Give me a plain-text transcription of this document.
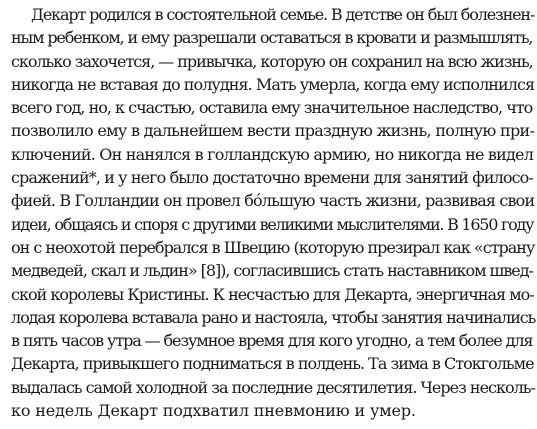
Декарт родился в состоятельной семье. В детстве он был болезнен-
ным ребенком, и ему разрешали оставаться в кровати и размышлять,
сколько захочется, — привычка, которую он сохранил на всю жизнь,
никогда не вставая до полудня. Мать умерла, когда ему исполнился
всего год, но, к счастью, оставила ему значительное наследство, что
позволило ему в дальнейшем вести праздную жизнь, полную при-
ключений. Он нанялся в голландскую армию, но никогда не видел
сражений*, и у него было достаточно времени для занятий филосо-
фией. В Голландии он провел бóльшую часть жизни, развивая свои
идеи, общаясь и споря с другими великими мыслителями. В 1650 году
он с неохотой перебрался в Швецию (которую презирал как «страну
медведей, скал и льдин» [8]), согласившись стать наставником швед-
ской королевы Кристины. К несчастью для Декарта, энергичная мо-
лодая королева вставала рано и настояла, чтобы занятия начинались
в пять часов утра — безумное время для кого угодно, а тем более для
Декарта, привыкшего подниматься в полдень. Та зима в Стокгольме
выдалась самой холодной за последние десятилетия. Через несколь-
ко недель Декарт подхватил пневмонию и умер.
